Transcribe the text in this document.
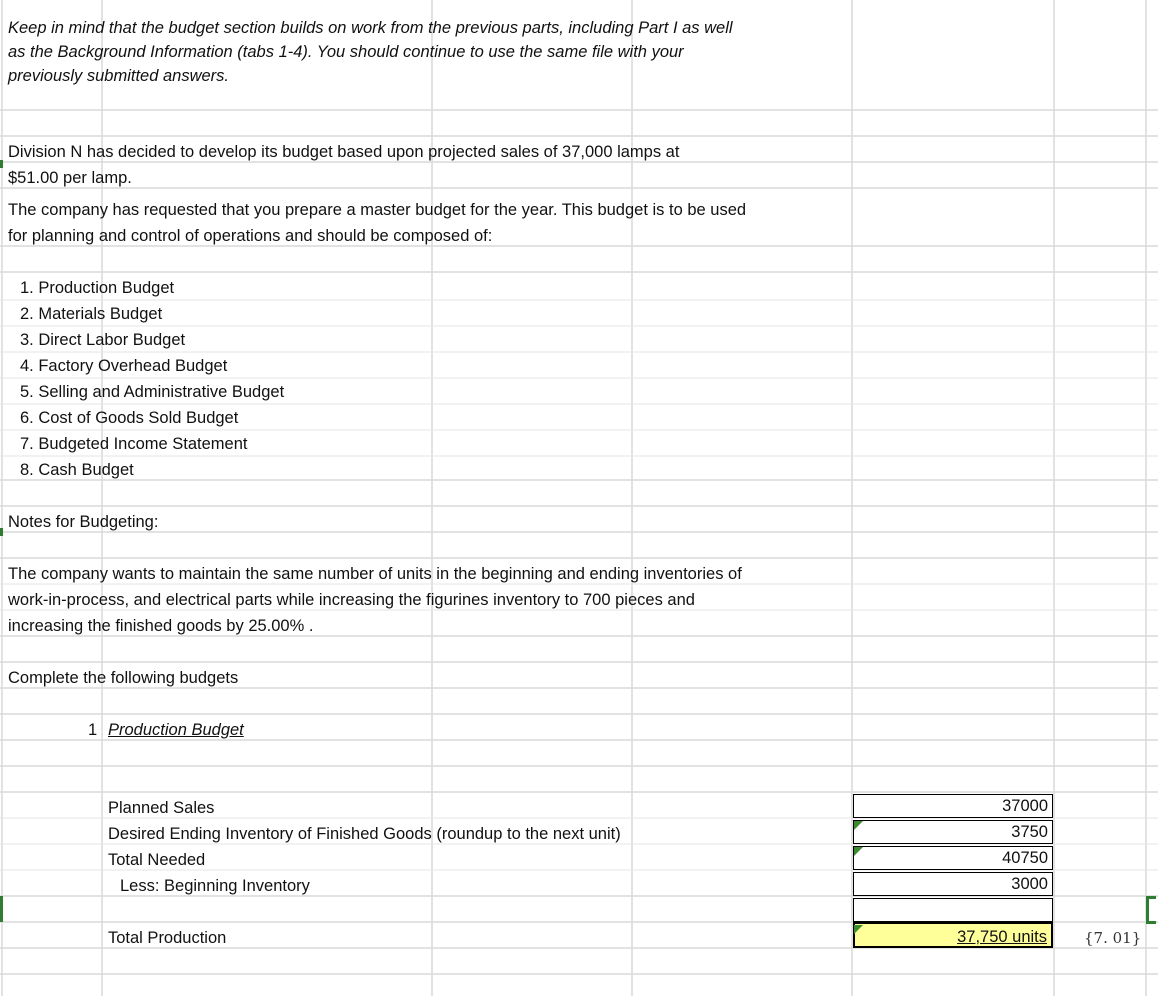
Keep in mind that the budget section builds on work from the previous parts, including Part I as well
as the Background Information (tabs 1-4). You should continue to use the same file with your
previously submitted answers.
Division N has decided to develop its budget based upon projected sales of 37,000 lamps at
$51.00 per lamp.
The company has requested that you prepare a master budget for the year. This budget is to be used
for planning and control of operations and should be composed of:
1. Production Budget
2. Materials Budget
3. Direct Labor Budget
4. Factory Overhead Budget
5. Selling and Administrative Budget
6. Cost of Goods Sold Budget
7. Budgeted Income Statement
8. Cash Budget
Notes for Budgeting:
The company wants to maintain the same number of units in the beginning and ending inventories of
work-in-process, and electrical parts while increasing the figurines inventory to 700 pieces and
increasing the finished goods by 25.00% .
Complete the following budgets
1 Production Budget
Planned Sales
Desired Ending Inventory of Finished Goods (roundup to the next unit)
Total Needed
Less: Beginning Inventory
Total Production
37000
3750
40750
3000
37,750 units	{7. 01}
